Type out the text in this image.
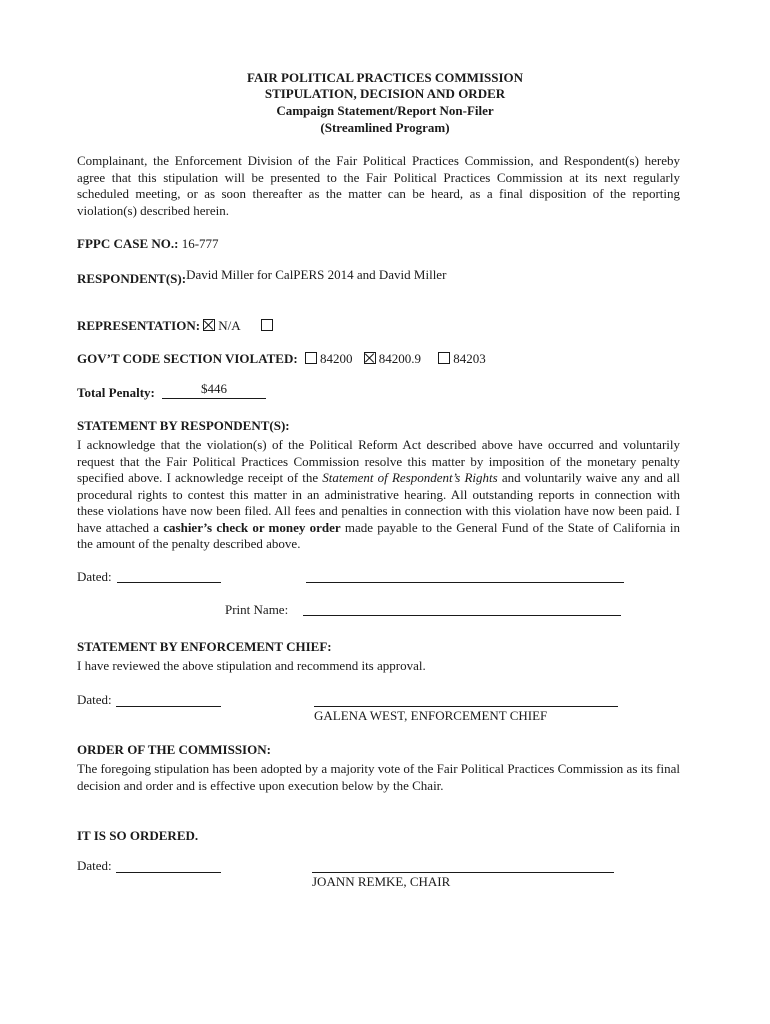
FAIR POLITICAL PRACTICES COMMISSION
STIPULATION, DECISION AND ORDER
Campaign Statement/Report Non-Filer
(Streamlined Program)
Complainant, the Enforcement Division of the Fair Political Practices Commission, and Respondent(s) hereby agree that this stipulation will be presented to the Fair Political Practices Commission at its next regularly scheduled meeting, or as soon thereafter as the matter can be heard, as a final disposition of the reporting violation(s) described herein.
FPPC CASE NO.: 16-777
RESPONDENT(S):David Miller for CalPERS 2014 and David Miller
REPRESENTATION: N/A
GOV’T CODE SECTION VIOLATED: 84200 84200.9 84203
Total Penalty:	$446
STATEMENT BY RESPONDENT(S):
I acknowledge that the violation(s) of the Political Reform Act described above have occurred and voluntarily request that the Fair Political Practices Commission resolve this matter by imposition of the monetary penalty specified above. I acknowledge receipt of the Statement of Respondent’s Rights and voluntarily waive any and all procedural rights to contest this matter in an administrative hearing. All outstanding reports in connection with these violations have now been filed. All fees and penalties in connection with this violation have now been paid. I have attached a cashier’s check or money order made payable to the General Fund of the State of California in the amount of the penalty described above.
Dated:
Print Name:
STATEMENT BY ENFORCEMENT CHIEF:
I have reviewed the above stipulation and recommend its approval.
Dated:
GALENA WEST, ENFORCEMENT CHIEF
ORDER OF THE COMMISSION:
The foregoing stipulation has been adopted by a majority vote of the Fair Political Practices Commission as its final decision and order and is effective upon execution below by the Chair.
IT IS SO ORDERED.
Dated:
JOANN REMKE, CHAIR
